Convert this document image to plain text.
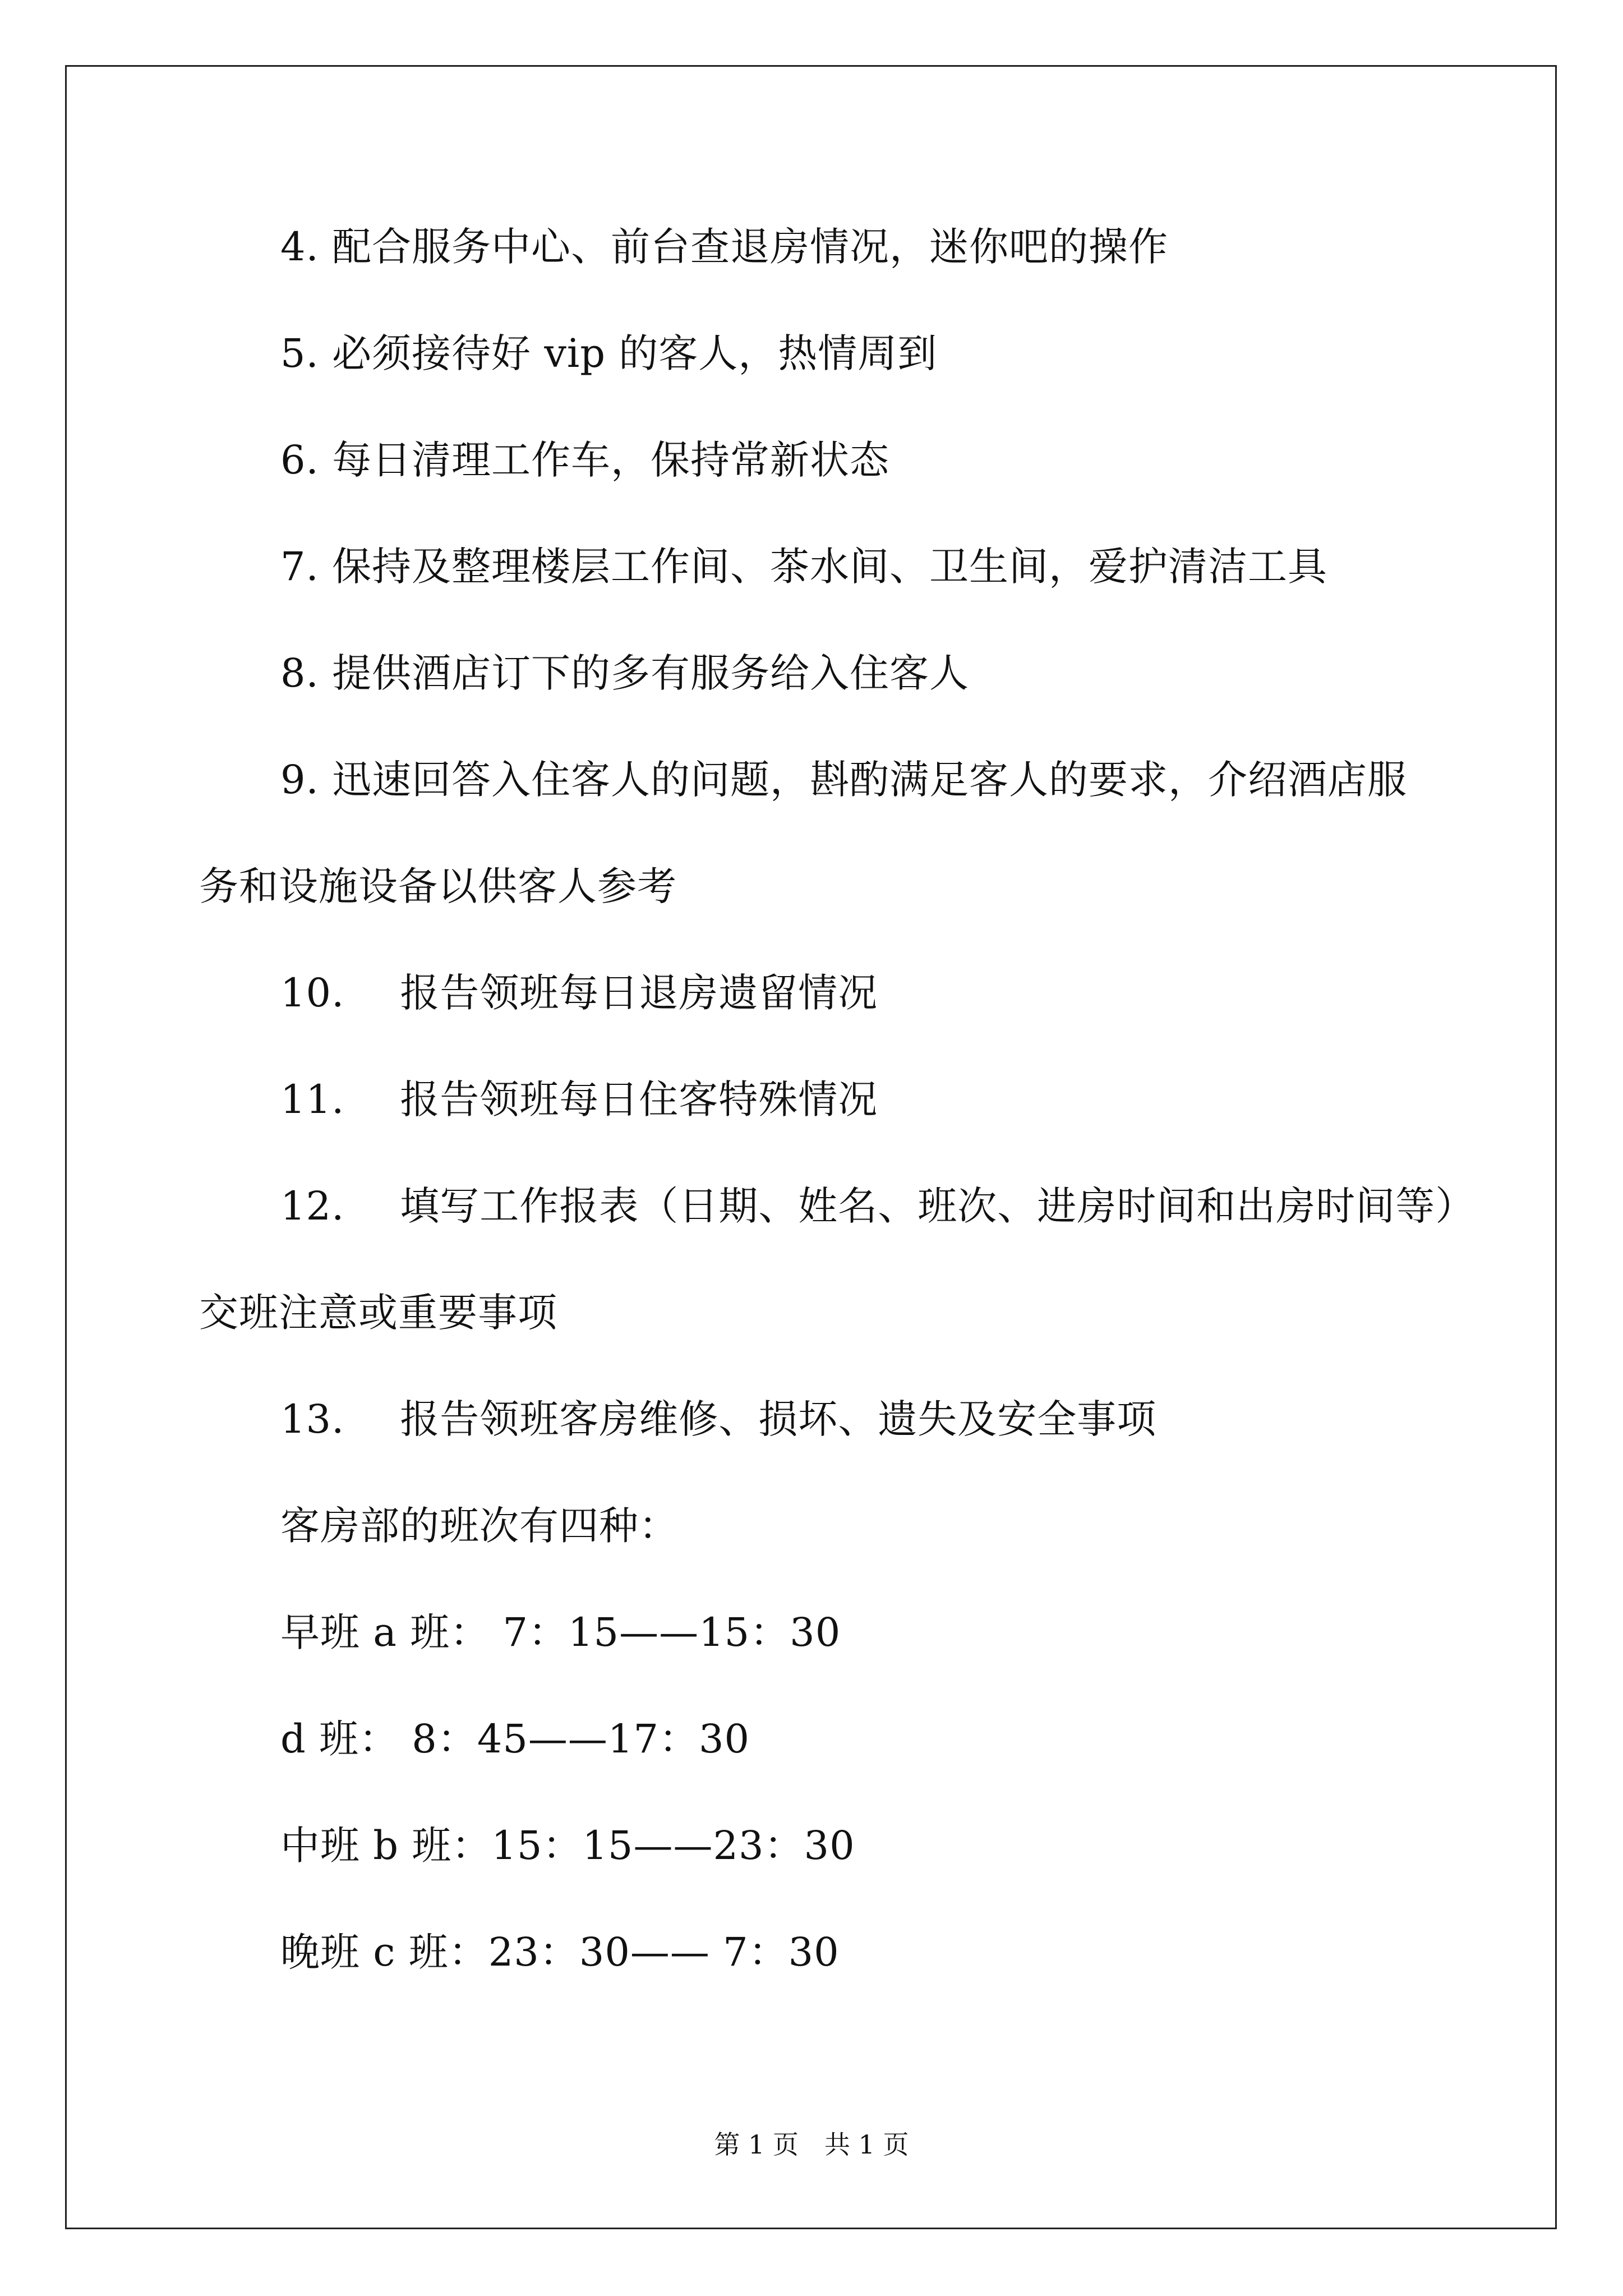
4. 配合服务中心、前台查退房情况，迷你吧的操作
5. 必须接待好 vip 的客人，热情周到
6. 每日清理工作车，保持常新状态
7. 保持及整理楼层工作间、茶水间、卫生间，爱护清洁工具
8. 提供酒店订下的多有服务给入住客人
9. 迅速回答入住客人的问题，斟酌满足客人的要求，介绍酒店服
务和设施设备以供客人参考
10. 报告领班每日退房遗留情况
11. 报告领班每日住客特殊情况
12. 填写工作报表（日期、姓名、班次、进房时间和出房时间等）
交班注意或重要事项
13. 报告领班客房维修、损坏、遗失及安全事项
客房部的班次有四种：
早班 a 班： 7：15——15：30
d 班： 8：45——17：30
中班 b 班：15：15——23：30
晚班 c 班：23：30—— 7：30
第 1 页　共 1 页
